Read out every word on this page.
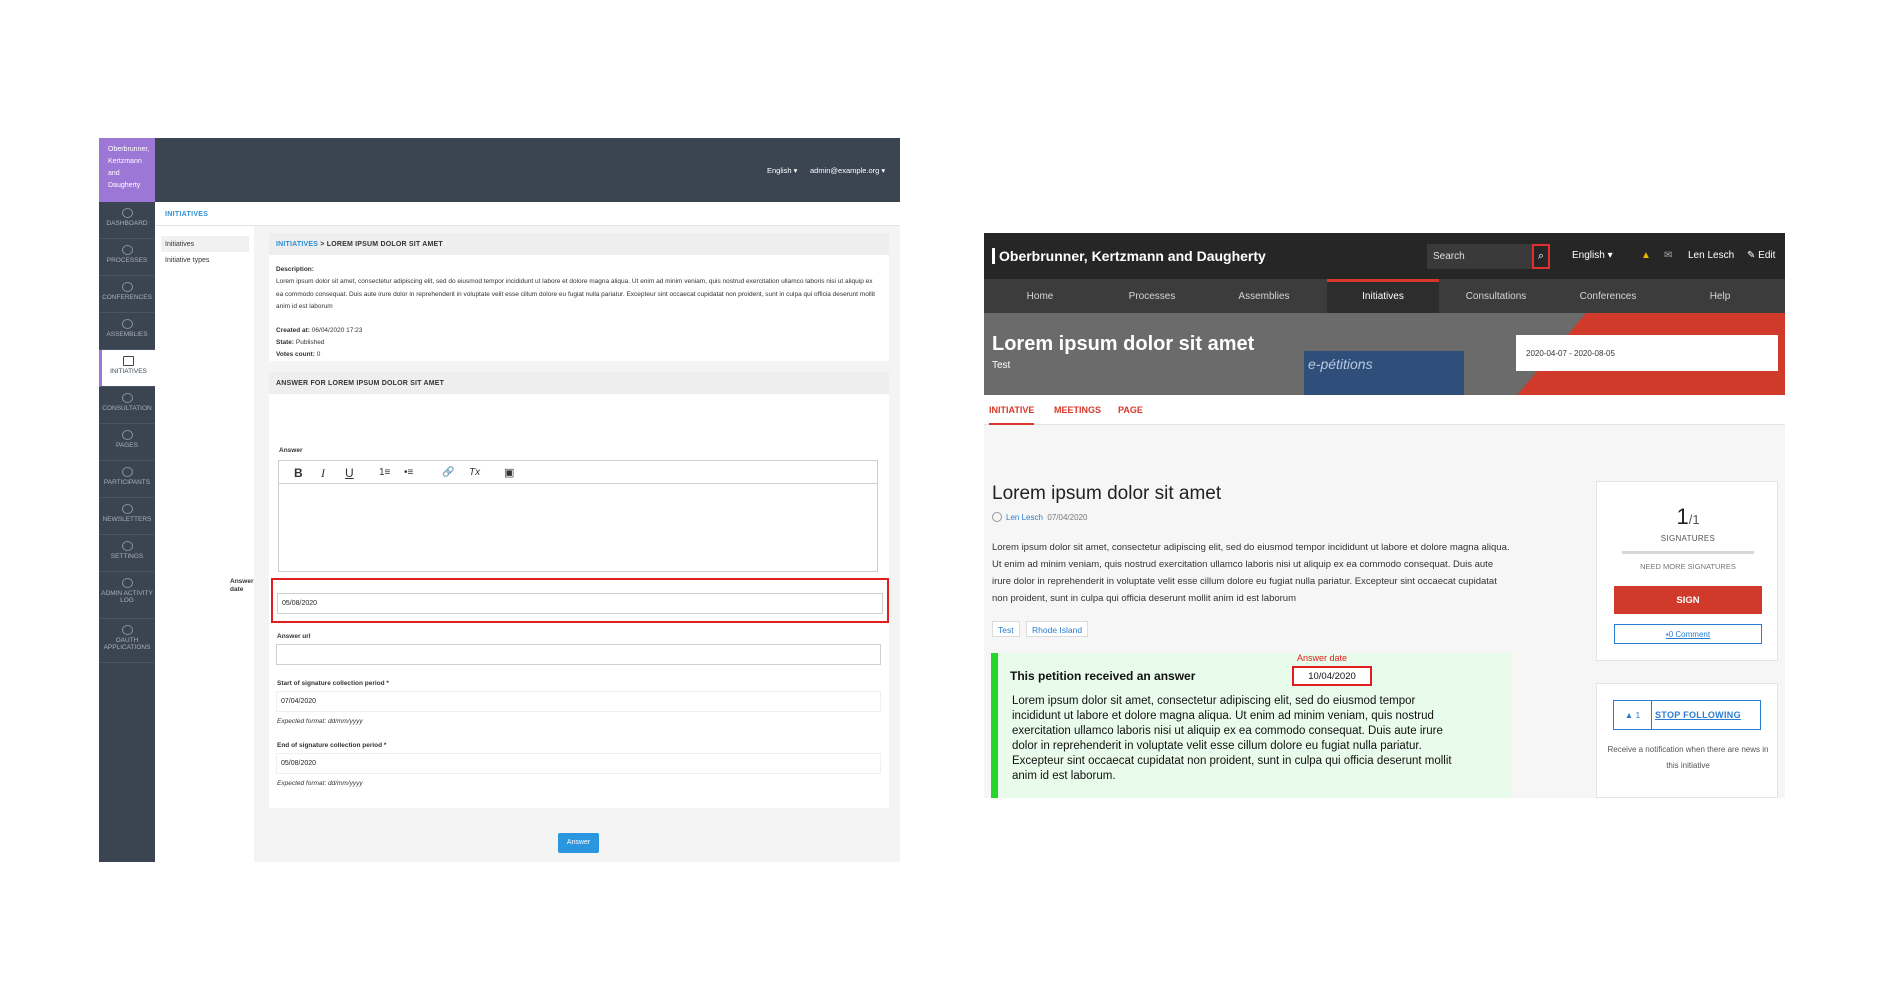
Oberbrunner,
Kertzmann
and
Daugherty
DASHBOARD
PROCESSES
CONFERENCES
ASSEMBLIES
INITIATIVES
CONSULTATION
PAGES
PARTICIPANTS
NEWSLETTERS
SETTINGS
ADMIN ACTIVITY LOG
OAUTH APPLICATIONS
English ▾ admin@example.org ▾
INITIATIVES
Initiatives
Initiative types
INITIATIVES > LOREM IPSUM DOLOR SIT AMET
Description:
Lorem ipsum dolor sit amet, consectetur adipiscing elit, sed do eiusmod tempor incididunt ut labore et dolore magna aliqua. Ut enim ad minim veniam, quis nostrud exercitation ullamco laboris nisi ut aliquip ex ea commodo consequat. Duis aute irure dolor in reprehenderit in voluptate velit esse cillum dolore eu fugiat nulla pariatur. Excepteur sint occaecat cupidatat non proident, sunt in culpa qui officia deserunt mollit anim id est laborum
Created at: 06/04/2020 17:23
State: Published
Votes count: 0
ANSWER FOR LOREM IPSUM DOLOR SIT AMET
Answer
B I U	1≡ •≡	🔗 Tx ▣
Answer date
05/08/2020
Answer url
Start of signature collection period *
07/04/2020
Expected format: dd/mm/yyyy
End of signature collection period *
05/08/2020
Expected format: dd/mm/yyyy
Answer
Oberbrunner, Kertzmann and Daugherty	Search	⌕	English ▾	▲ ✉ Len Lesch ✎ Edit
Home	Processes	Assemblies	Initiatives	Consultations	Conferences	Help
Lorem ipsum dolor sit amet
Test	e-pétitions
2020-04-07 - 2020-08-05
INITIATIVE MEETINGS PAGE
Lorem ipsum dolor sit amet
Len Lesch 07/04/2020
Lorem ipsum dolor sit amet, consectetur adipiscing elit, sed do eiusmod tempor incididunt ut labore et dolore magna aliqua. Ut enim ad minim veniam, quis nostrud exercitation ullamco laboris nisi ut aliquip ex ea commodo consequat. Duis aute irure dolor in reprehenderit in voluptate velit esse cillum dolore eu fugiat nulla pariatur. Excepteur sint occaecat cupidatat non proident, sunt in culpa qui officia deserunt mollit anim id est laborum
Test	Rhode Island
This petition received an answer
Lorem ipsum dolor sit amet, consectetur adipiscing elit, sed do eiusmod tempor incididunt ut labore et dolore magna aliqua. Ut enim ad minim veniam, quis nostrud exercitation ullamco laboris nisi ut aliquip ex ea commodo consequat. Duis aute irure dolor in reprehenderit in voluptate velit esse cillum dolore eu fugiat nulla pariatur. Excepteur sint occaecat cupidatat non proident, sunt in culpa qui officia deserunt mollit anim id est laborum.
Answer date
10/04/2020
1/1
SIGNATURES
NEED MORE SIGNATURES
SIGN
▪0 Comment
▲ 1	STOP FOLLOWING
Receive a notification when there are news in this initiative
